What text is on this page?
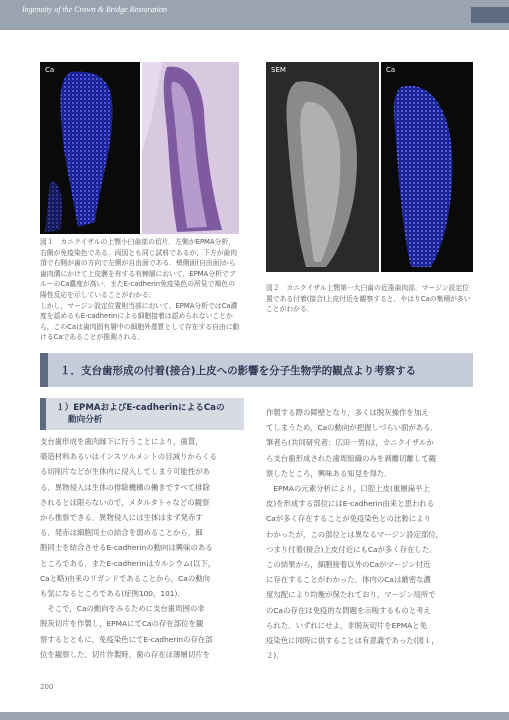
Ingenuity of the Crown & Bridge Restoration
Ca	SEM	Ca
図１　カニクイザルの上顎小臼歯部の切片．左側がEPMA分析，右側が免疫染色である．両図とも同じ試料であるが，下方が歯肉頂で右側が歯の方向で左側が自由面である．頬側面(自由面)から歯肉溝にかけて上皮膜を有する有棘層において，EPMA分析でブルーのCa濃度が高い．またE-cadherin免疫染色の所見で褐色の陽性反応を示していることがわかる．
しかし，マージン設定位置相当部において，EPMA分析ではCa濃度を認めるもE-cadherinによる細胞接着は認められないことから，このCaは歯肉固有層中の細胞外基質として存在する自由に動けるCaであることが推測される．
図２　カニクイザル上顎第一大臼歯の近遠歯肉部．マージン設定位置である付着(接合)上皮付近を観察すると，やはりCaの集積が多いことがわかる．
１．支台歯形成の付着(接合)上皮への影響を分子生物学的観点より考察する
１）EPMAおよびE-cadherinによるCaの
動向分析
支台歯形成を歯肉縁下に行うことにより，歯質，
築造材料あるいはインスツルメントの目減りからくる
る切削片などが生体内に侵入してしまう可能性があ
る．異物侵入は生体の排除機構の働きですべて排除
されるとは限らないので，メタルタトゥなどの観察
から推察できる．異物侵入には生体はまず発赤す
る．発赤は細胞同士の結合を弱めることから，細
胞同士を結合させるE-cadherinの動向は興味のある
ところである．またE-cadherinはカルシウム(以下，
Caと略)由来のリガンドであることから，Caの動向
も気になるところである(症例100，101)．
　そこで，Caの動向をみるために支台歯周囲の非
脱灰切片を作製し，EPMAにてCaの存在部位を観
察するとともに，免疫染色にてE-cadherinの存在部
位を観察した．切片作製時，歯の存在は薄層切片を
作製する際の障壁となり，多くは脱灰操作を加え
てしまうため，Caの動向が把握しづらい面がある．
筆者ら(共同研究者：広田一男)は，カニクイザルか
ら支台歯形成された歯周組織のみを剥離切離して観
察したところ，興味ある知見を得た．
　EPMAの元素分析により，口腔上皮(重層扁平上
皮)を形成する部位にはE-cadherin由来と思われる
Caが多く存在することが免疫染色との比較により
わかったが，この部位とは異なるマージン設定部位，
つまり付着(接合)上皮付近にもCaが多く存在した．
この結果から，細胞接着以外のCaがマージン付近
に存在することがわかった．体内のCaは厳密な濃
度勾配により均衡が保たれており，マージン局所で
のCaの存在は免疫的な問題を示唆するものと考え
られた．いずれにせよ，非脱灰切片をEPMAと免
疫染色に同時に供することは有意義であった(図１，
２)．
200
